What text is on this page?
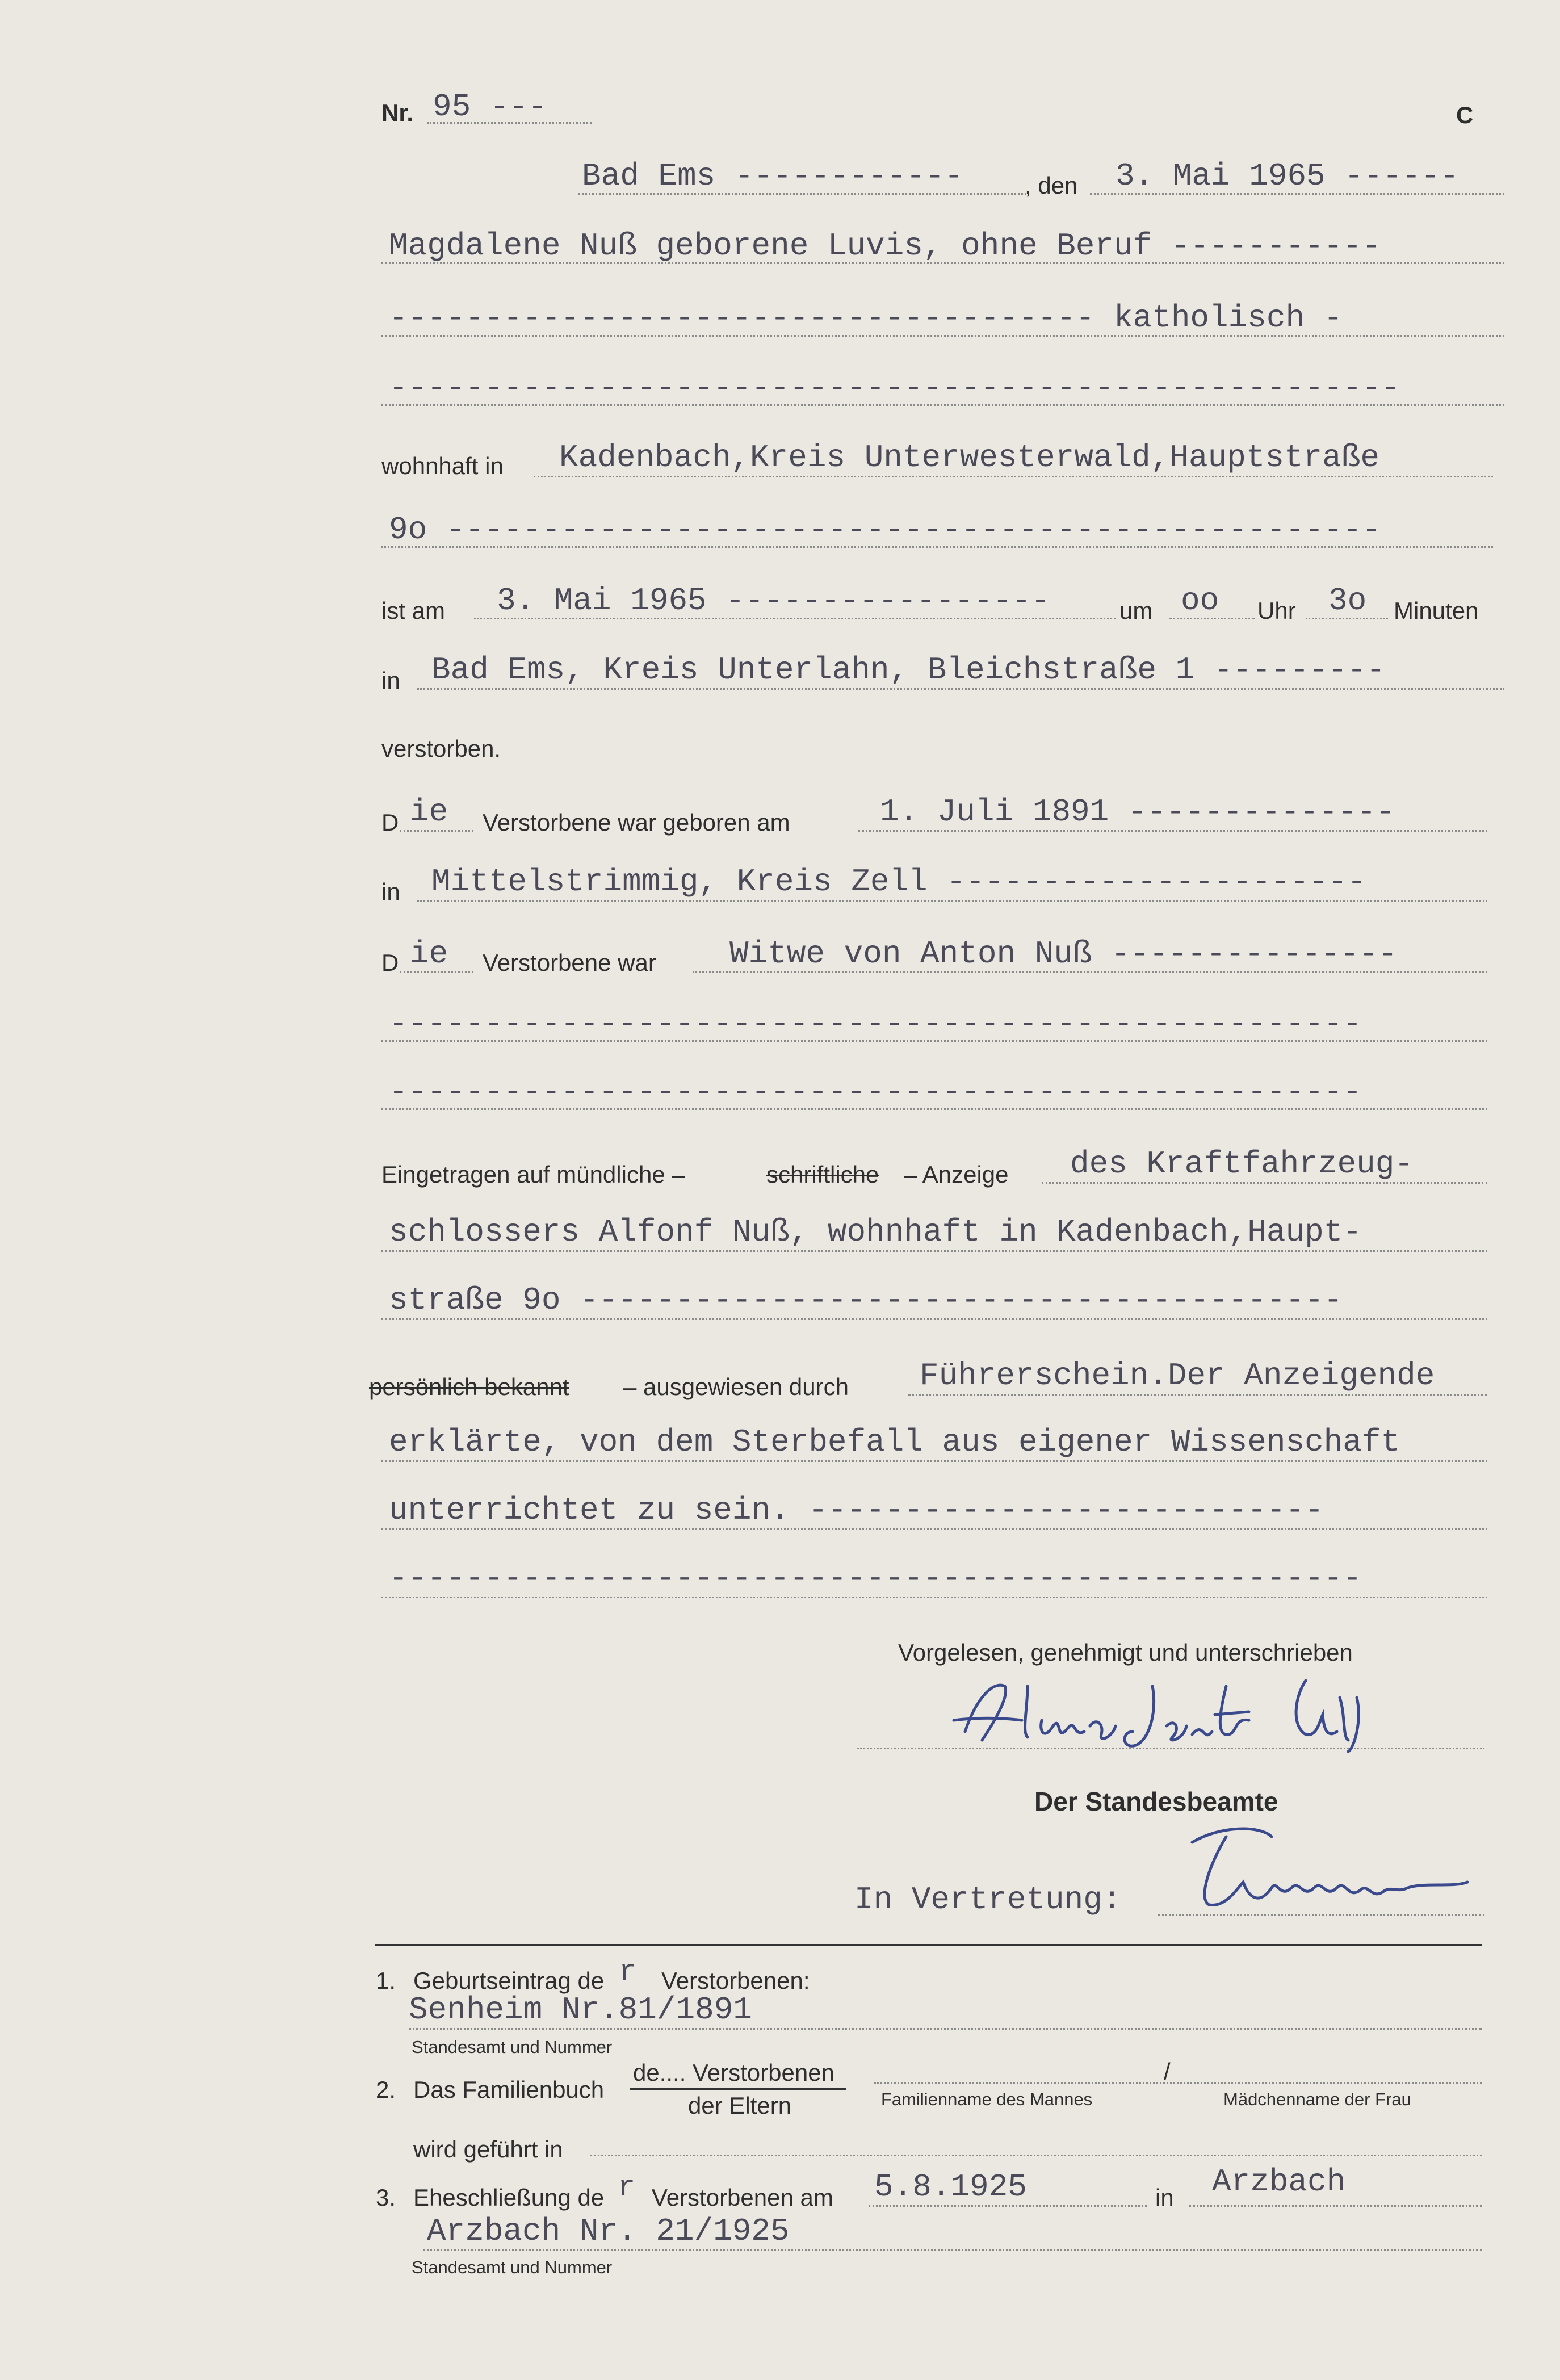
Nr. 95 ---	C
Bad Ems ------------	, den 3. Mai 1965 ------
Magdalene Nuß geborene Luvis, ohne Beruf -----------
------------------------------------- katholisch -
-----------------------------------------------------
wohnhaft in Kadenbach,Kreis Unterwesterwald,Hauptstraße
9o -------------------------------------------------
ist am 3. Mai 1965 -----------------	um oo Uhr 3o Minuten
in Bad Ems, Kreis Unterlahn, Bleichstraße 1 ---------
verstorben.
D ie Verstorbene war geboren am	1. Juli 1891 --------------
in Mittelstrimmig, Kreis Zell ----------------------
D ie Verstorbene war Witwe von Anton Nuß ---------------
---------------------------------------------------
---------------------------------------------------
Eingetragen auf mündliche –	schriftliche – Anzeige des Kraftfahrzeug-
schlossers Alfonf Nuß, wohnhaft in Kadenbach,Haupt-
straße 9o ----------------------------------------
persönlich bekannt – ausgewiesen durch Führerschein.Der Anzeigende
erklärte, von dem Sterbefall aus eigener Wissenschaft
unterrichtet zu sein. ---------------------------
---------------------------------------------------
Vorgelesen, genehmigt und unterschrieben
Der Standesbeamte
In Vertretung:
1. Geburtseintrag de r Verstorbenen:
Senheim Nr.81/1891
Standesamt und Nummer
2. Das Familienbuch
de.... Verstorbenen
der Eltern
/
Familienname des Mannes	Mädchenname der Frau
wird geführt in
3. Eheschließung de r Verstorbenen am 5.8.1925	in Arzbach
Arzbach Nr. 21/1925
Standesamt und Nummer
